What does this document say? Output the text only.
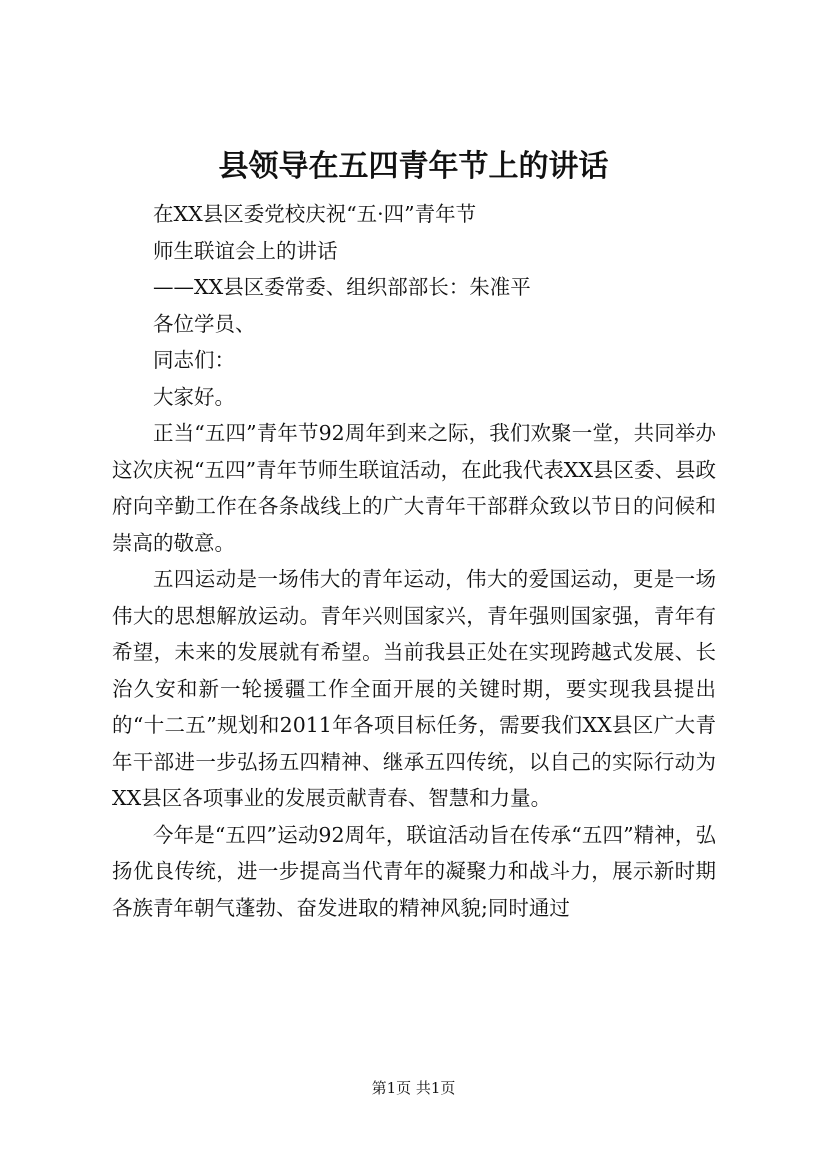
县领导在五四青年节上的讲话

在XX县区委党校庆祝“五·四”青年节

师生联谊会上的讲话

——XX县区委常委、组织部部长：朱准平

各位学员、

同志们：

大家好。

正当“五四”青年节92周年到来之际，我们欢聚一堂，共同举办这次庆祝“五四”青年节师生联谊活动，在此我代表XX县区委、县政府向辛勤工作在各条战线上的广大青年干部群众致以节日的问候和崇高的敬意。

五四运动是一场伟大的青年运动，伟大的爱国运动，更是一场伟大的思想解放运动。青年兴则国家兴，青年强则国家强，青年有希望，未来的发展就有希望。当前我县正处在实现跨越式发展、长治久安和新一轮援疆工作全面开展的关键时期，要实现我县提出的“十二五”规划和2011年各项目标任务，需要我们XX县区广大青年干部进一步弘扬五四精神、继承五四传统，以自己的实际行动为XX县区各项事业的发展贡献青春、智慧和力量。

今年是“五四”运动92周年，联谊活动旨在传承“五四”精神，弘扬优良传统，进一步提高当代青年的凝聚力和战斗力，展示新时期各族青年朝气蓬勃、奋发进取的精神风貌;同时通过

第1页 共1页
